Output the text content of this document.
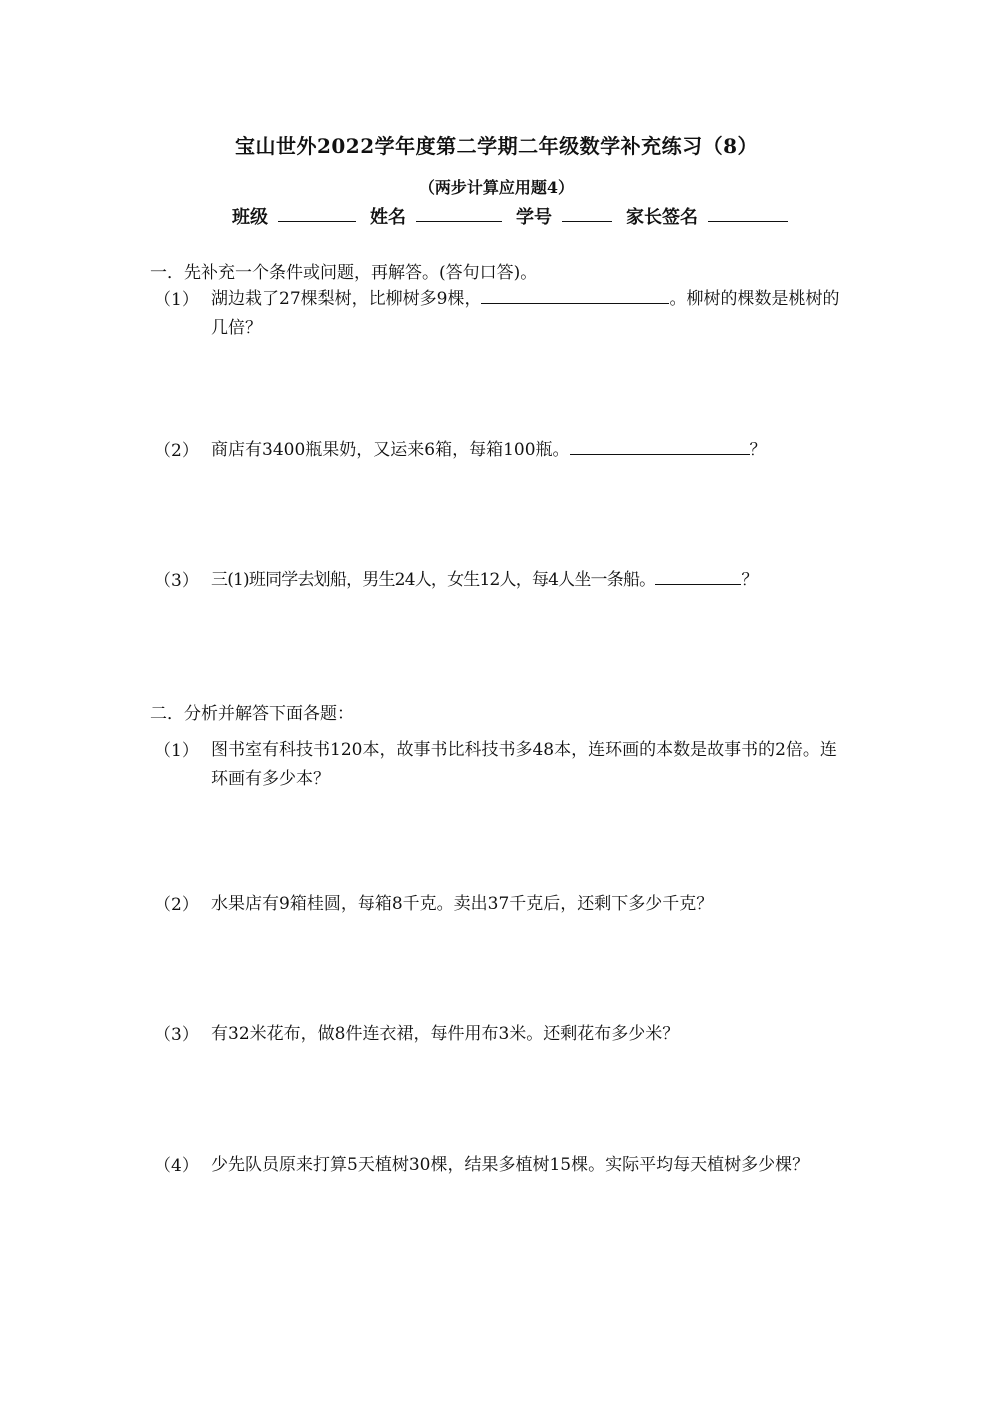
宝山世外2022学年度第二学期二年级数学补充练习（8）
（两步计算应用题4）
班级	姓名	学号	家长签名
一．先补充一个条件或问题，再解答。(答句口答)。
（1） 湖边栽了27棵梨树，比柳树多9棵，	。柳树的棵数是桃树的几倍？
（2） 商店有3400瓶果奶，又运来6箱，每箱100瓶。	？
（3） 三(1)班同学去划船，男生24人，女生12人，每4人坐一条船。	？
二．分析并解答下面各题：
（1） 图书室有科技书120本，故事书比科技书多48本，连环画的本数是故事书的2倍。连环画有多少本？
（2） 水果店有9箱桂圆，每箱8千克。卖出37千克后，还剩下多少千克？
（3） 有32米花布，做8件连衣裙，每件用布3米。还剩花布多少米？
（4） 少先队员原来打算5天植树30棵，结果多植树15棵。实际平均每天植树多少棵？
